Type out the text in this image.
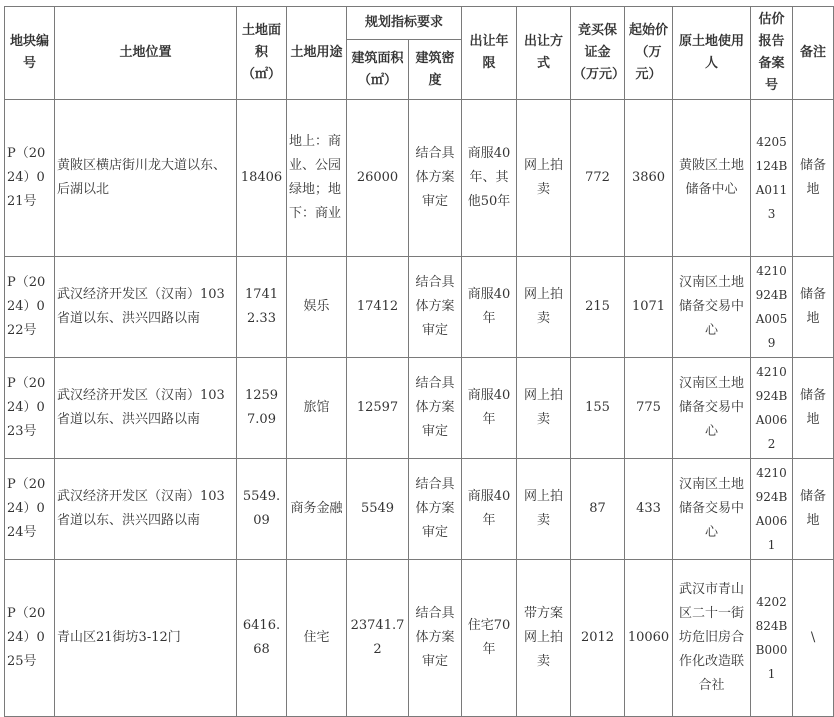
地块编号	土地位置	土地面积（㎡）	土地用途	规划指标要求		出让年限	出让方式	竞买保证金（万元）	起始价（万元）	原土地使用人	估价报告备案号	备注
				建筑面积（㎡）	建筑密度							
P（2024）021号	黄陂区横店街川龙大道以东、后湖以北	18406	地上：商业、公园绿地；地下：商业	26000	结合具体方案审定	商服40年、其他50年	网上拍卖	772	3860	黄陂区土地储备中心	4205124BA0113	储备地
P（2024）022号	武汉经济开发区（汉南）103省道以东、洪兴四路以南	17412.33	娱乐	17412	结合具体方案审定	商服40年	网上拍卖	215	1071	汉南区土地储备交易中心	4210924BA0059	储备地
P（2024）023号	武汉经济开发区（汉南）103省道以东、洪兴四路以南	12597.09	旅馆	12597	结合具体方案审定	商服40年	网上拍卖	155	775	汉南区土地储备交易中心	4210924BA0062	储备地
P（2024）024号	武汉经济开发区（汉南）103省道以东、洪兴四路以南	5549.09	商务金融	5549	结合具体方案审定	商服40年	网上拍卖	87	433	汉南区土地储备交易中心	4210924BA0061	储备地
P（2024）025号	青山区21街坊3-12门	6416.68	住宅	23741.72	结合具体方案审定	住宅70年	带方案网上拍卖	2012	10060	武汉市青山区二十一街坊危旧房合作化改造联合社	4202824BB0001	\
